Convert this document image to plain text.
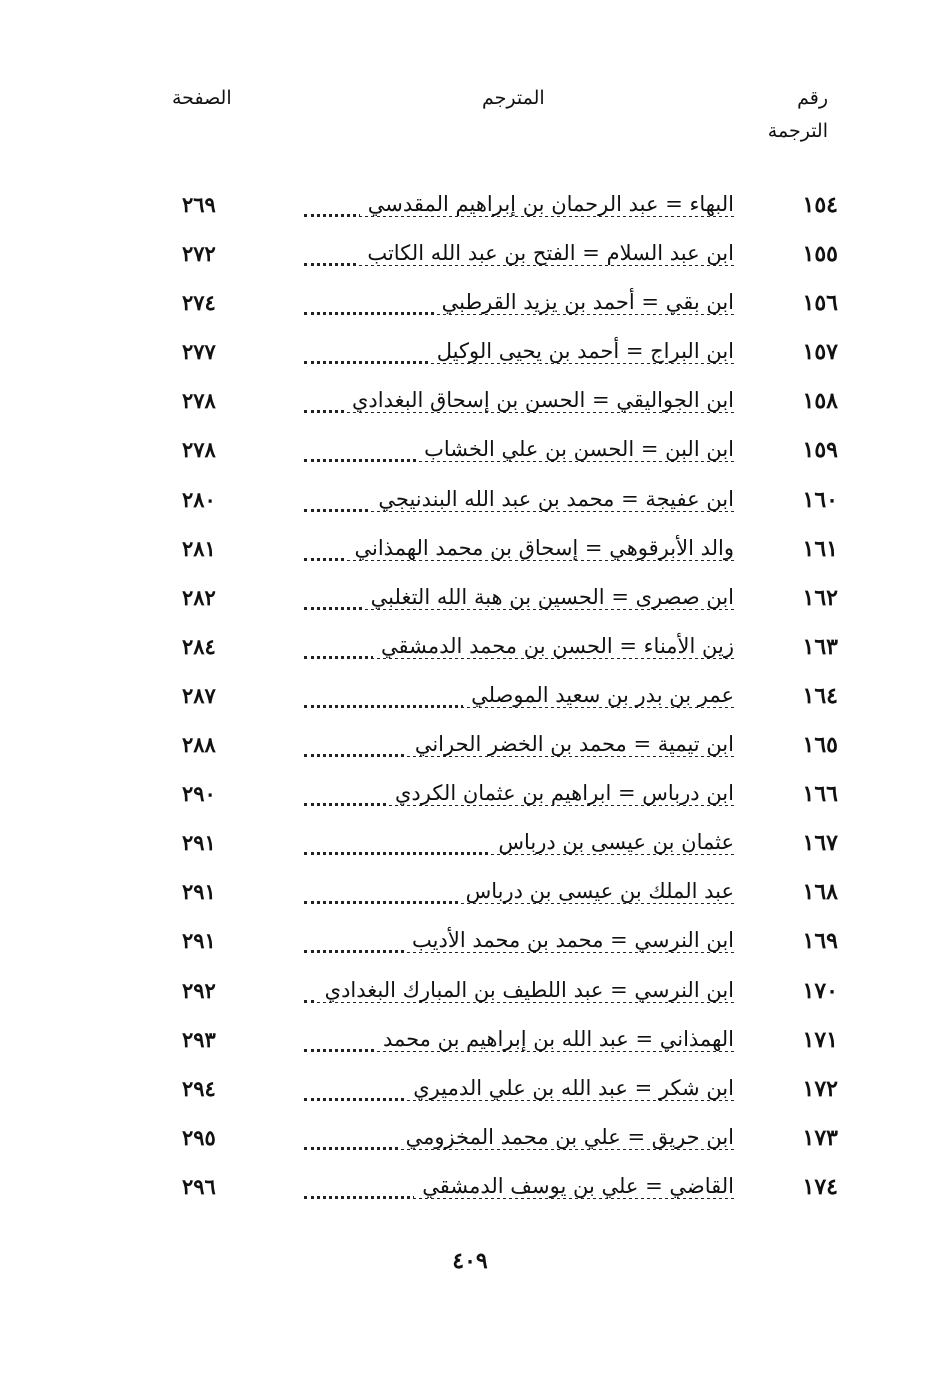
رقم
الترجمة
المترجم
الصفحة
١٥٤
البهاء = عبد الرحمان بن إبراهيم المقدسي
٢٦٩
١٥٥
ابن عبد السلام = الفتح بن عبد الله الكاتب
٢٧٢
١٥٦
ابن بقي = أحمد بن يزيد القرطبي
٢٧٤
١٥٧
ابن البراج = أحمد بن يحيى الوكيل
٢٧٧
١٥٨
ابن الجواليقي = الحسن بن إسحاق البغدادي
٢٧٨
١٥٩
ابن البن = الحسن بن علي الخشاب
٢٧٨
١٦٠
ابن عفيجة = محمد بن عبد الله البندنيجي
٢٨٠
١٦١
والد الأبرقوهي = إسحاق بن محمد الهمذاني
٢٨١
١٦٢
ابن صصرى = الحسين بن هبة الله التغلبي
٢٨٢
١٦٣
زين الأمناء = الحسن بن محمد الدمشقي
٢٨٤
١٦٤
عمر بن بدر بن سعيد الموصلي
٢٨٧
١٦٥
ابن تيمية = محمد بن الخضر الحراني
٢٨٨
١٦٦
ابن درباس = ابراهيم بن عثمان الكردي
٢٩٠
١٦٧
عثمان بن عيسى بن درباس
٢٩١
١٦٨
عبد الملك بن عيسى بن درباس
٢٩١
١٦٩
ابن النرسي = محمد بن محمد الأديب
٢٩١
١٧٠
ابن النرسي = عبد اللطيف بن المبارك البغدادي
٢٩٢
١٧١
الهمذاني = عبد الله بن إبراهيم بن محمد
٢٩٣
١٧٢
ابن شكر = عبد الله بن علي الدميري
٢٩٤
١٧٣
ابن حريق = علي بن محمد المخزومي
٢٩٥
١٧٤
القاضي = علي بن يوسف الدمشقي
٢٩٦
٤٠٩
